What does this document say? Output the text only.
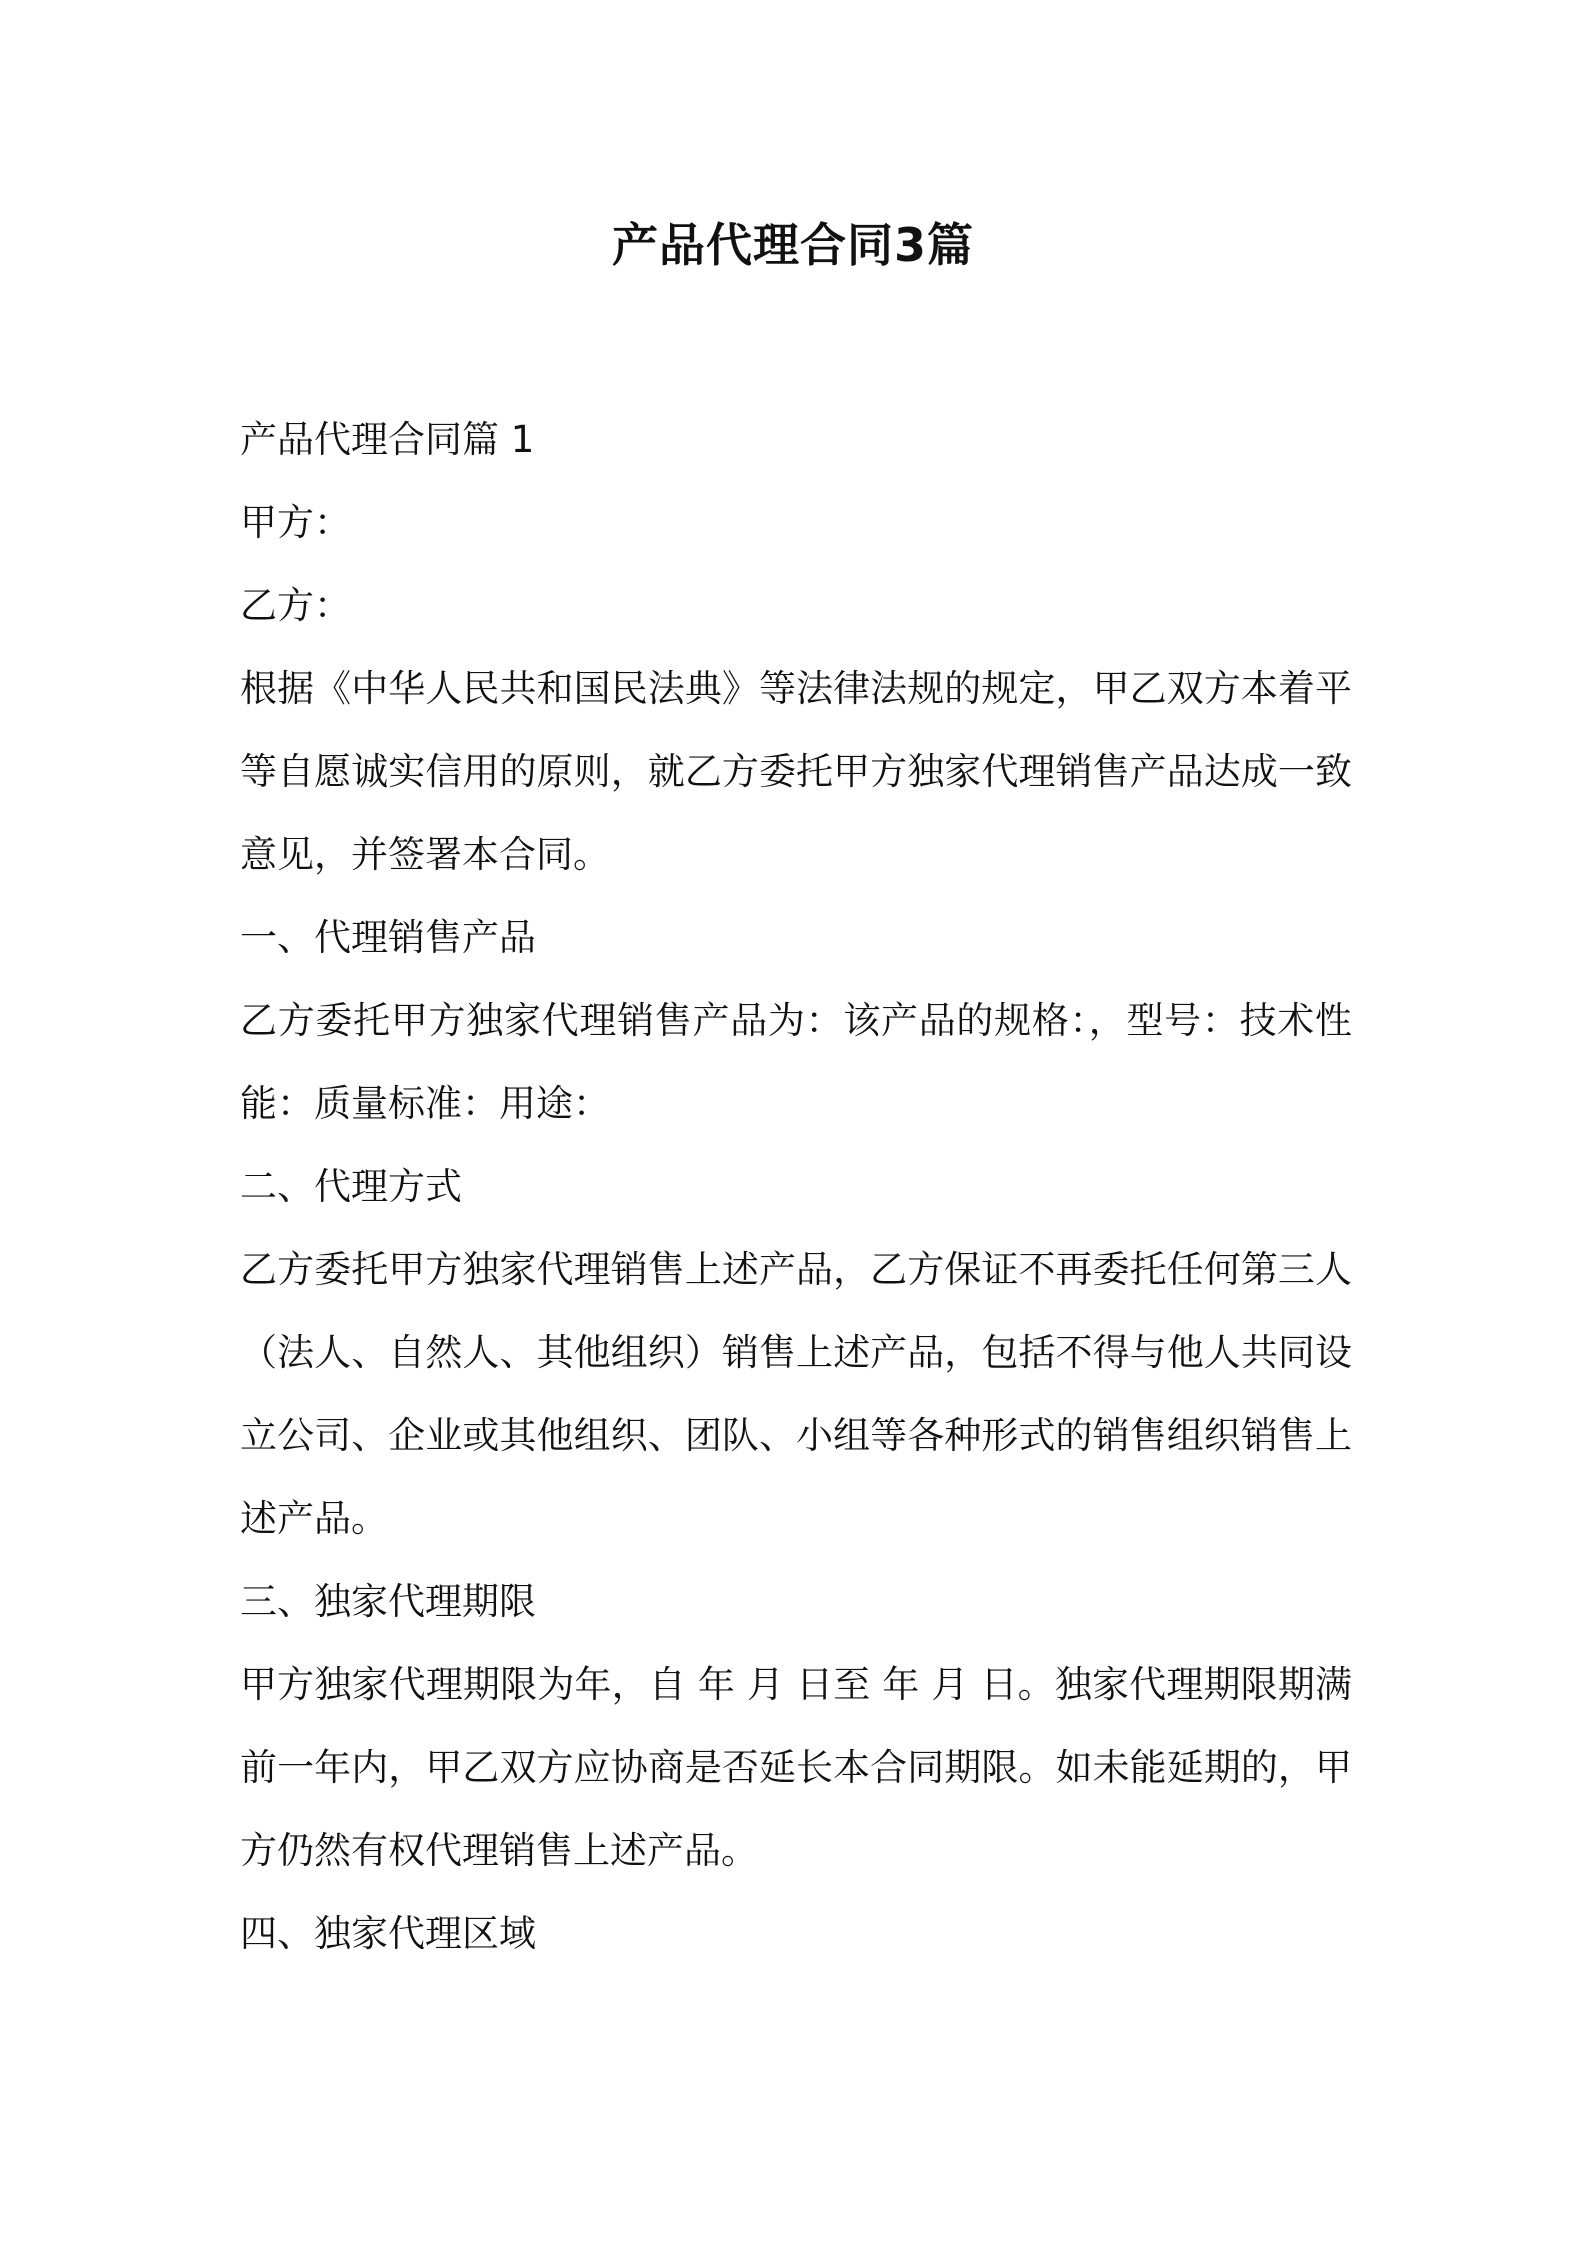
产品代理合同3篇

产品代理合同篇 1

甲方：

乙方：

根据《中华人民共和国民法典》等法律法规的规定，甲乙双方本着平等自愿诚实信用的原则，就乙方委托甲方独家代理销售产品达成一致意见，并签署本合同。

一、代理销售产品

乙方委托甲方独家代理销售产品为：该产品的规格：，型号：技术性能：质量标准：用途：

二、代理方式

乙方委托甲方独家代理销售上述产品，乙方保证不再委托任何第三人（法人、自然人、其他组织）销售上述产品，包括不得与他人共同设立公司、企业或其他组织、团队、小组等各种形式的销售组织销售上述产品。

三、独家代理期限

甲方独家代理期限为年，自 年 月 日至 年 月 日。独家代理期限期满前一年内，甲乙双方应协商是否延长本合同期限。如未能延期的，甲方仍然有权代理销售上述产品。

四、独家代理区域
